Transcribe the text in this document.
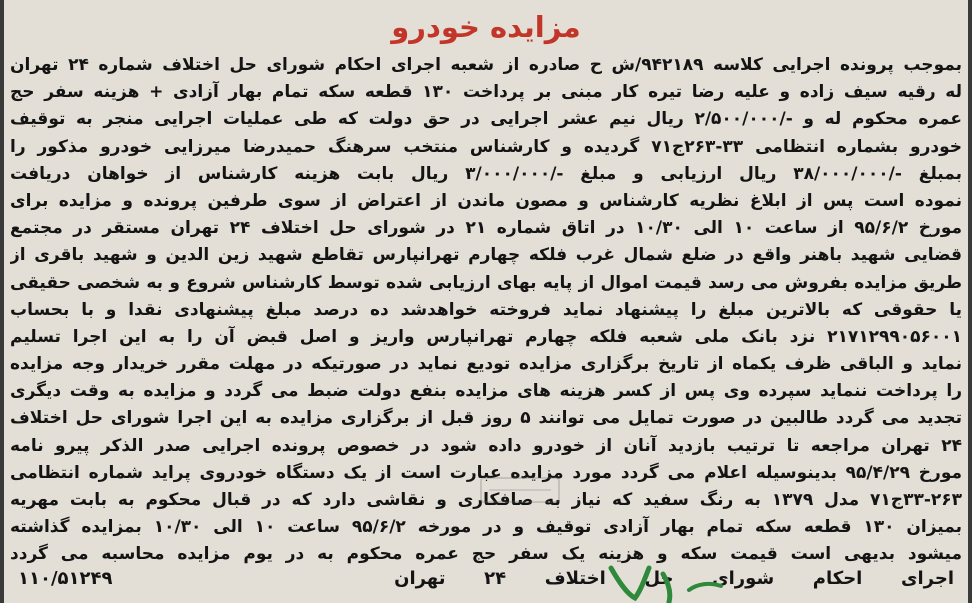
مزایده خودرو
بموجب پرونده اجرایی کلاسه ۹۴۲۱۸۹/ش ح صادره از شعبه اجرای احکام شورای حل اختلاف شماره ۲۴ تهران
له رقیه سیف زاده و علیه رضا تیره کار مبنی بر پرداخت ۱۳۰ قطعه سکه تمام بهار آزادی + هزینه سفر حج
عمره محکوم له و -/۲/۵۰۰/۰۰۰ ریال نیم عشر اجرایی در حق دولت که طی عملیات اجرایی منجر به توقیف
خودرو بشماره انتظامی ۳۳-۲۶۳ج۷۱ گردیده و کارشناس منتخب سرهنگ حمیدرضا میرزایی خودرو مذکور را
بمبلغ -/۳۸/۰۰۰/۰۰۰ ریال ارزیابی و مبلغ -/۳/۰۰۰/۰۰۰ ریال بابت هزینه کارشناس از خواهان دریافت
نموده است پس از ابلاغ نظریه کارشناس و مصون ماندن از اعتراض از سوی طرفین پرونده و مزایده برای
مورخ ۹۵/۶/۲ از ساعت ۱۰ الی ۱۰/۳۰ در اتاق شماره ۲۱ در شورای حل اختلاف ۲۴ تهران مستقر در مجتمع
قضایی شهید باهنر واقع در ضلع شمال غرب فلکه چهارم تهرانپارس تقاطع شهید زین الدین و شهید باقری از
طریق مزایده بفروش می رسد قیمت اموال از پایه بهای ارزیابی شده توسط کارشناس شروع و به شخصی حقیقی
یا حقوقی که بالاترین مبلغ را پیشنهاد نماید فروخته خواهدشد ده درصد مبلغ پیشنهادی نقدا و با بحساب
۲۱۷۱۲۹۹۰۵۶۰۰۱ نزد بانک ملی شعبه فلکه چهارم تهرانپارس واریز و اصل قبض آن را به این اجرا تسلیم
نماید و الباقی ظرف یکماه از تاریخ برگزاری مزایده تودیع نماید در صورتیکه در مهلت مقرر خریدار وجه مزایده
را پرداخت ننماید سپرده وی پس از کسر هزینه های مزایده بنفع دولت ضبط می گردد و مزایده به وقت دیگری
تجدید می گردد طالبین در صورت تمایل می توانند ۵ روز قبل از برگزاری مزایده به این اجرا شورای حل اختلاف
۲۴ تهران مراجعه تا ترتیب بازدید آنان از خودرو داده شود در خصوص پرونده اجرایی صدر الذکر پیرو نامه
مورخ ۹۵/۴/۲۹ بدینوسیله اعلام می گردد مورد مزایده عبارت است از یک دستگاه خودروی پراید شماره انتظامی
۳۳-۲۶۳ج۷۱ مدل ۱۳۷۹ به رنگ سفید که نیاز به صافکاری و نقاشی دارد که در قبال محکوم به بابت مهریه
بمیزان ۱۳۰ قطعه سکه تمام بهار آزادی توقیف و در مورخه ۹۵/۶/۲ ساعت ۱۰ الی ۱۰/۳۰ بمزایده گذاشته
میشود بدیهی است قیمت سکه و هزینه یک سفر حج عمره محکوم به در یوم مزایده محاسبه می گردد
اجرای
احکام
شورای
حل
اختلاف
۲۴
تهران
۱۱۰/۵۱۲۴۹
